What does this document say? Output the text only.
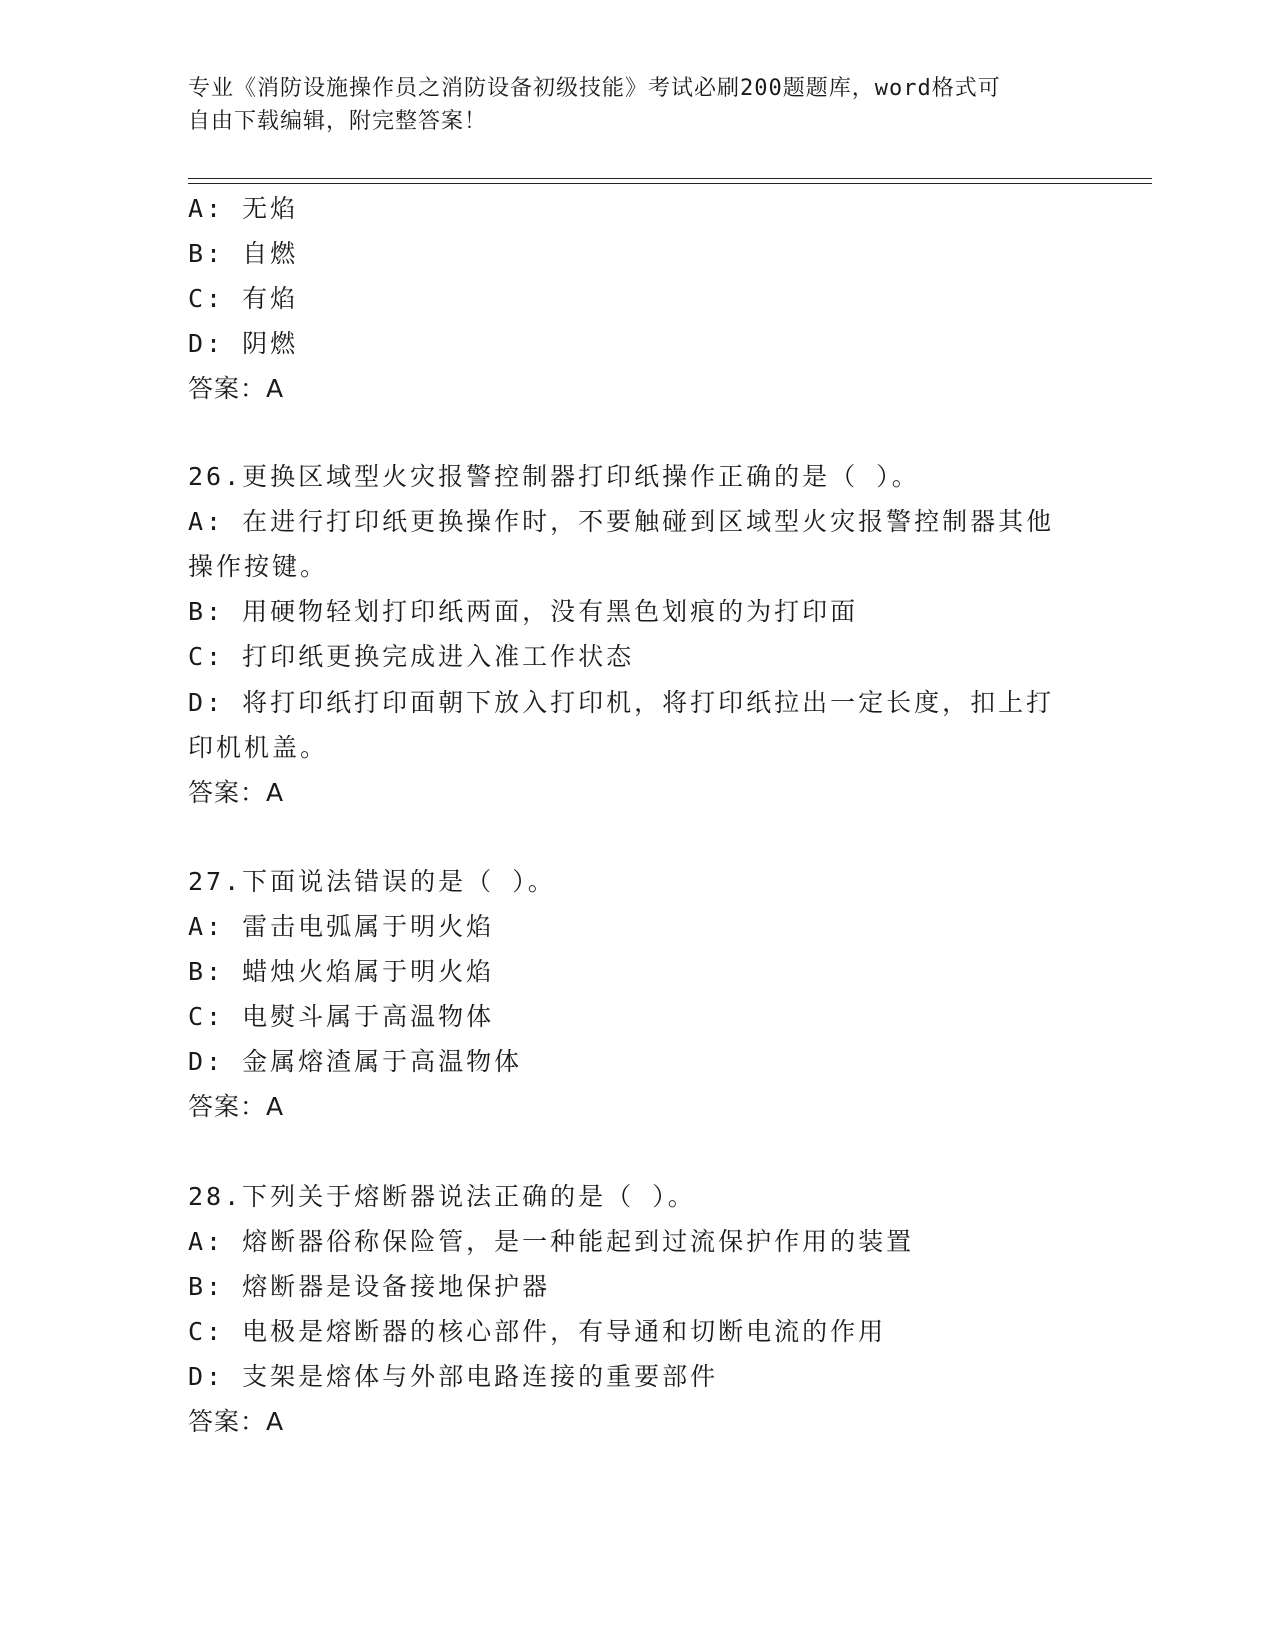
专业《消防设施操作员之消防设备初级技能》考试必刷200题题库，word格式可
自由下载编辑，附完整答案！
A: 无焰
B: 自燃
C: 有焰
D: 阴燃
答案：A
26.更换区域型火灾报警控制器打印纸操作正确的是（ ）。
A: 在进行打印纸更换操作时，不要触碰到区域型火灾报警控制器其他
操作按键。
B: 用硬物轻划打印纸两面，没有黑色划痕的为打印面
C: 打印纸更换完成进入准工作状态
D: 将打印纸打印面朝下放入打印机，将打印纸拉出一定长度，扣上打
印机机盖。
答案：A
27.下面说法错误的是（ ）。
A: 雷击电弧属于明火焰
B: 蜡烛火焰属于明火焰
C: 电熨斗属于高温物体
D: 金属熔渣属于高温物体
答案：A
28.下列关于熔断器说法正确的是（ ）。
A: 熔断器俗称保险管，是一种能起到过流保护作用的装置
B: 熔断器是设备接地保护器
C: 电极是熔断器的核心部件，有导通和切断电流的作用
D: 支架是熔体与外部电路连接的重要部件
答案：A
